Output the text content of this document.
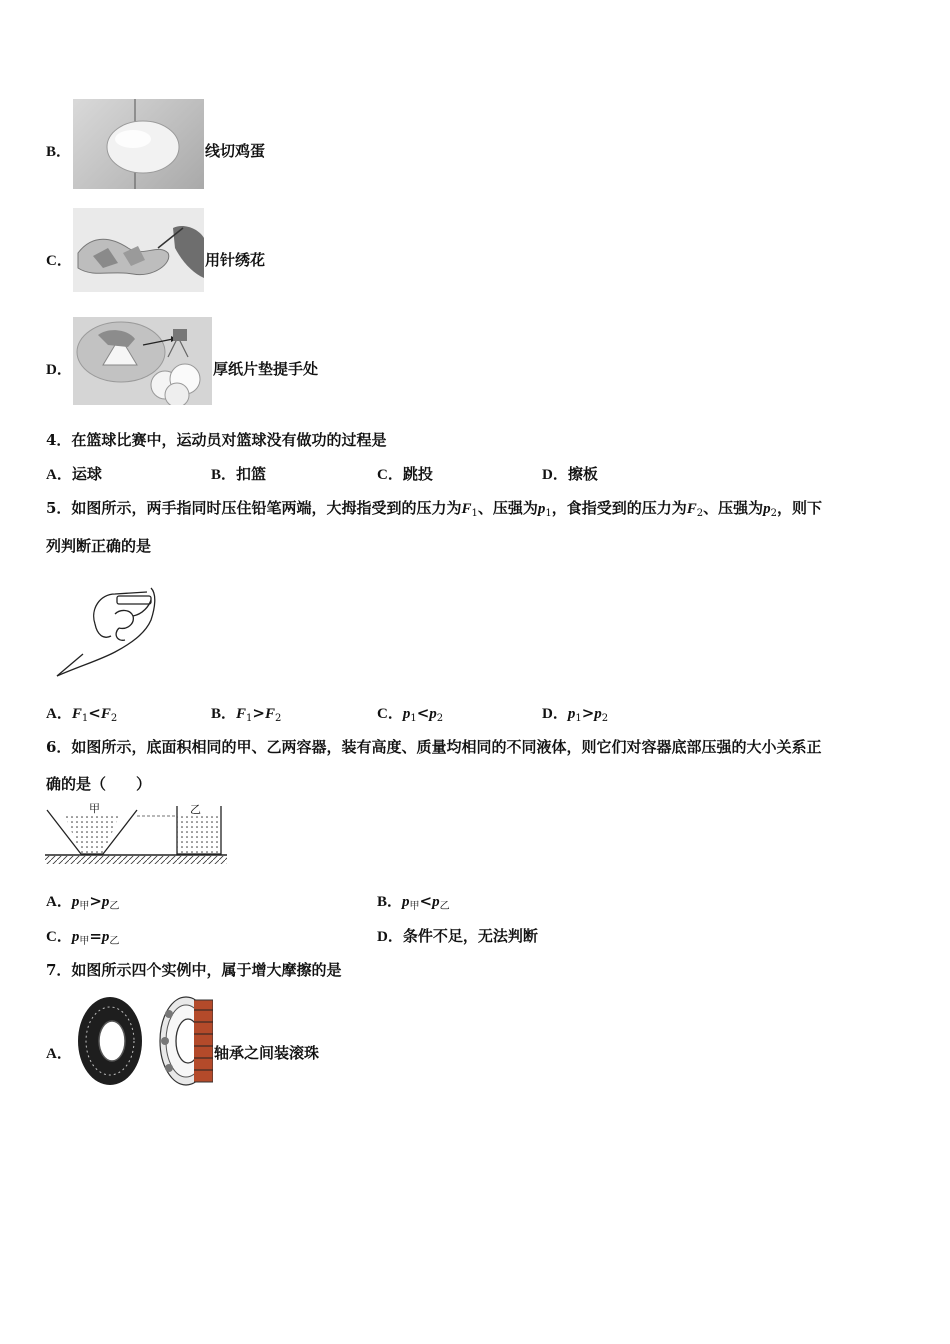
B．	线切鸡蛋
C．	用针绣花
D．	厚纸片垫提手处
4．在篮球比赛中，运动员对篮球没有做功的过程是
A．运球	B．扣篮	C．跳投	D．擦板
5．如图所示，两手指同时压住铅笔两端，大拇指受到的压力为$F_1$、压强为$p_1$，食指受到的压力为$F_2$、压强为$p_2$，则下
列判断正确的是
A．$F_1<F_2$	B．$F_1>F_2$	C．$p_1<p_2$	D．$p_1>p_2$
6．如图所示，底面积相同的甲、乙两容器，装有高度、质量均相同的不同液体，则它们对容器底部压强的大小关系正
确的是（　　）
甲	乙
A．$p_甲>p_乙$	B．$p_甲<p_乙$
C．$p_甲=p_乙$	D．条件不足，无法判断
7．如图所示四个实例中，属于增大摩擦的是
A．	轴承之间装滚珠
